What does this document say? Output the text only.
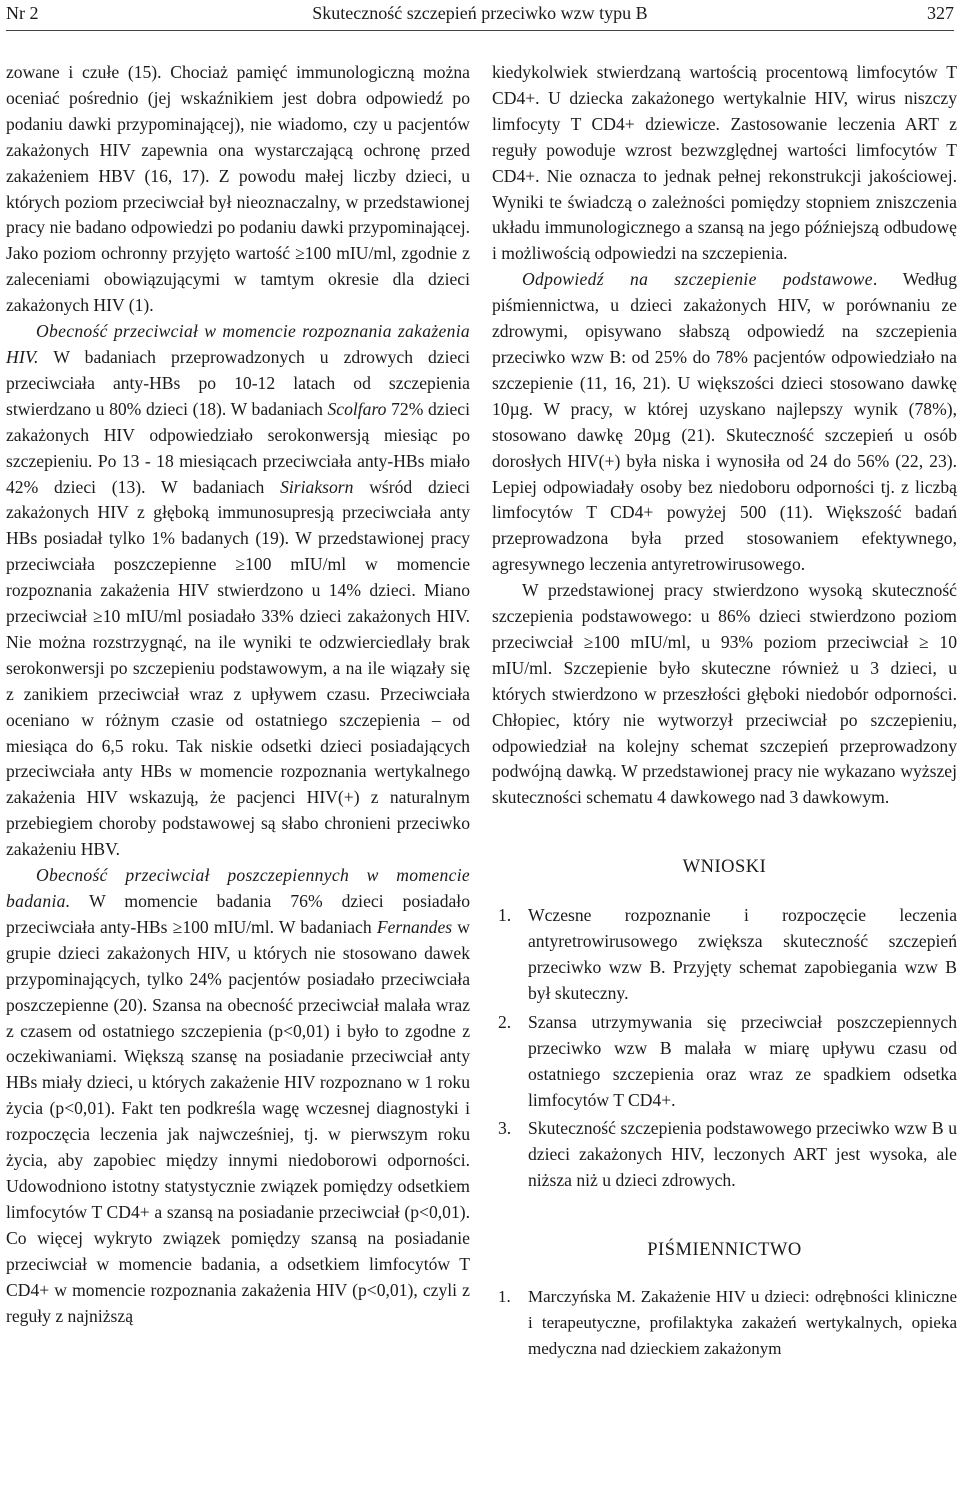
Nr 2	Skuteczność szczepień przeciwko wzw typu B	327

zowane i czułe (15). Chociaż pamięć immunologiczną można oceniać pośrednio (jej wskaźnikiem jest dobra odpowiedź po podaniu dawki przypominającej), nie wiadomo, czy u pacjentów zakażonych HIV zapewnia ona wystarczającą ochronę przed zakażeniem HBV (16, 17). Z powodu małej liczby dzieci, u których poziom przeciwciał był nieoznaczalny, w przedstawionej pracy nie badano odpowiedzi po podaniu dawki przypominającej. Jako poziom ochronny przyjęto wartość ≥100 mIU/ml, zgodnie z zaleceniami obowiązującymi w tamtym okresie dla dzieci zakażonych HIV (1).

Obecność przeciwciał w momencie rozpoznania zakażenia HIV. W badaniach przeprowadzonych u zdrowych dzieci przeciwciała anty-HBs po 10-12 latach od szczepienia stwierdzano u 80% dzieci (18). W badaniach Scolfaro 72% dzieci zakażonych HIV odpowiedziało serokonwersją miesiąc po szczepieniu. Po 13 - 18 miesiącach przeciwciała anty-HBs miało 42% dzieci (13). W badaniach Siriaksorn wśród dzieci zakażonych HIV z głęboką immunosupresją przeciwciała anty HBs posiadał tylko 1% badanych (19). W przedstawionej pracy przeciwciała poszczepienne ≥100 mIU/ml w momencie rozpoznania zakażenia HIV stwierdzono u 14% dzieci. Miano przeciwciał ≥10 mIU/ml posiadało 33% dzieci zakażonych HIV. Nie można rozstrzygnąć, na ile wyniki te odzwierciedlały brak serokonwersji po szczepieniu podstawowym, a na ile wiązały się z zanikiem przeciwciał wraz z upływem czasu. Przeciwciała oceniano w różnym czasie od ostatniego szczepienia – od miesiąca do 6,5 roku. Tak niskie odsetki dzieci posiadających przeciwciała anty HBs w momencie rozpoznania wertykalnego zakażenia HIV wskazują, że pacjenci HIV(+) z naturalnym przebiegiem choroby podstawowej są słabo chronieni przeciwko zakażeniu HBV.

Obecność przeciwciał poszczepiennych w momencie badania. W momencie badania 76% dzieci posiadało przeciwciała anty-HBs ≥100 mIU/ml. W badaniach Fernandes w grupie dzieci zakażonych HIV, u których nie stosowano dawek przypominających, tylko 24% pacjentów posiadało przeciwciała poszczepienne (20). Szansa na obecność przeciwciał malała wraz z czasem od ostatniego szczepienia (p<0,01) i było to zgodne z oczekiwaniami. Większą szansę na posiadanie przeciwciał anty HBs miały dzieci, u których zakażenie HIV rozpoznano w 1 roku życia (p<0,01). Fakt ten podkreśla wagę wczesnej diagnostyki i rozpoczęcia leczenia jak najwcześniej, tj. w pierwszym roku życia, aby zapobiec między innymi niedoborowi odporności. Udowodniono istotny statystycznie związek pomiędzy odsetkiem limfocytów T CD4+ a szansą na posiadanie przeciwciał (p<0,01). Co więcej wykryto związek pomiędzy szansą na posiadanie przeciwciał w momencie badania, a odsetkiem limfocytów T CD4+ w momencie rozpoznania zakażenia HIV (p<0,01), czyli z reguły z najniższą

kiedykolwiek stwierdzaną wartością procentową limfocytów T CD4+. U dziecka zakażonego wertykalnie HIV, wirus niszczy limfocyty T CD4+ dziewicze. Zastosowanie leczenia ART z reguły powoduje wzrost bezwzględnej wartości limfocytów T CD4+. Nie oznacza to jednak pełnej rekonstrukcji jakościowej. Wyniki te świadczą o zależności pomiędzy stopniem zniszczenia układu immunologicznego a szansą na jego późniejszą odbudowę i możliwością odpowiedzi na szczepienia.

Odpowiedź na szczepienie podstawowe. Według piśmiennictwa, u dzieci zakażonych HIV, w porównaniu ze zdrowymi, opisywano słabszą odpowiedź na szczepienia przeciwko wzw B: od 25% do 78% pacjentów odpowiedziało na szczepienie (11, 16, 21). U większości dzieci stosowano dawkę 10µg. W pracy, w której uzyskano najlepszy wynik (78%), stosowano dawkę 20µg (21). Skuteczność szczepień u osób dorosłych HIV(+) była niska i wynosiła od 24 do 56% (22, 23). Lepiej odpowiadały osoby bez niedoboru odporności tj. z liczbą limfocytów T CD4+ powyżej 500 (11). Większość badań przeprowadzona była przed stosowaniem efektywnego, agresywnego leczenia antyretrowirusowego.

W przedstawionej pracy stwierdzono wysoką skuteczność szczepienia podstawowego: u 86% dzieci stwierdzono poziom przeciwciał ≥100 mIU/ml, u 93% poziom przeciwciał ≥ 10 mIU/ml. Szczepienie było skuteczne również u 3 dzieci, u których stwierdzono w przeszłości głęboki niedobór odporności. Chłopiec, który nie wytworzył przeciwciał po szczepieniu, odpowiedział na kolejny schemat szczepień przeprowadzony podwójną dawką. W przedstawionej pracy nie wykazano wyższej skuteczności schematu 4 dawkowego nad 3 dawkowym.

WNIOSKI
1. Wczesne rozpoznanie i rozpoczęcie leczenia antyretrowirusowego zwiększa skuteczność szczepień przeciwko wzw B. Przyjęty schemat zapobiegania wzw B był skuteczny.
2. Szansa utrzymywania się przeciwciał poszczepiennych przeciwko wzw B malała w miarę upływu czasu od ostatniego szczepienia oraz wraz ze spadkiem odsetka limfocytów T CD4+.
3. Skuteczność szczepienia podstawowego przeciwko wzw B u dzieci zakażonych HIV, leczonych ART jest wysoka, ale niższa niż u dzieci zdrowych.
PIŚMIENNICTWO
1. Marczyńska M. Zakażenie HIV u dzieci: odrębności kliniczne i terapeutyczne, profilaktyka zakażeń wertykalnych, opieka medyczna nad dzieckiem zakażonym
